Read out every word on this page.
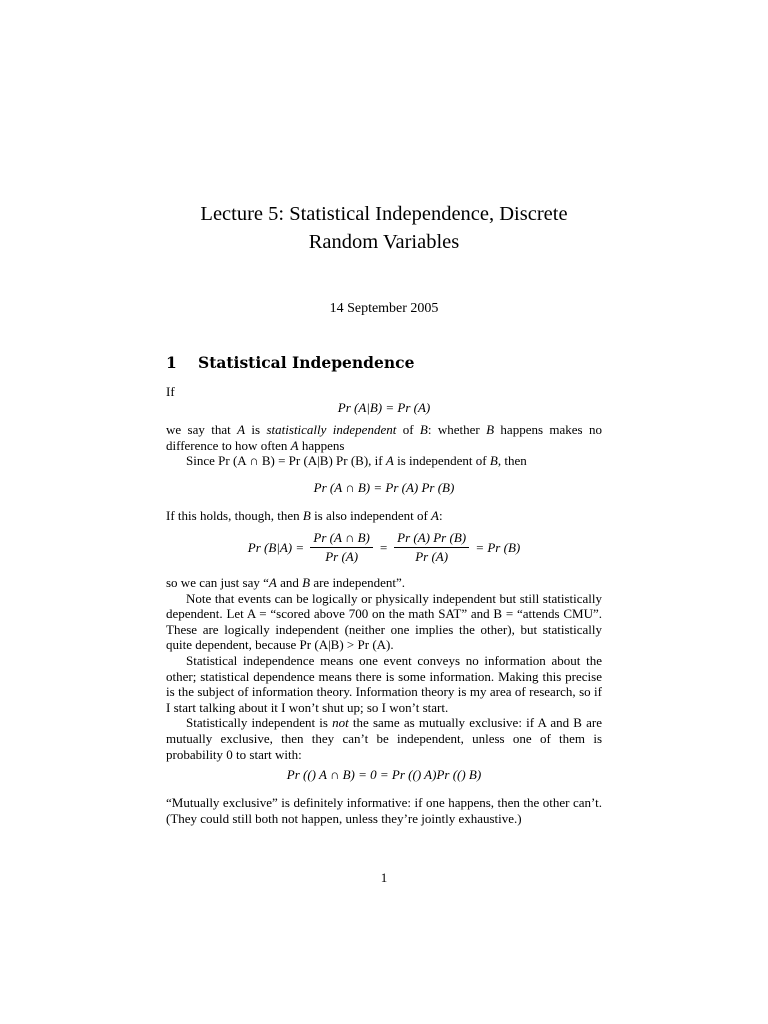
Lecture 5: Statistical Independence, Discrete
Random Variables
14 September 2005
1 Statistical Independence

If

Pr (A|B) = Pr (A)

we say that A is statistically independent of B: whether B happens makes no difference to how often A happens

Since Pr (A ∩ B) = Pr (A|B) Pr (B), if A is independent of B, then

Pr (A ∩ B) = Pr (A) Pr (B)

If this holds, though, then B is also independent of A:

Pr $(B|A) = \frac{Pr (A \cap B)}{Pr (A)} = \frac{Pr (A) Pr (B)}{Pr (A)} = Pr$ (B)

so we can just say “A and B are independent”.

Note that events can be logically or physically independent but still statistically dependent. Let A = “scored above 700 on the math SAT” and B = “attends CMU”. These are logically independent (neither one implies the other), but statistically quite dependent, because Pr (A|B) > Pr (A).

Statistical independence means one event conveys no information about the other; statistical dependence means there is some information. Making this precise is the subject of information theory. Information theory is my area of research, so if I start talking about it I won’t shut up; so I won’t start.

Statistically independent is not the same as mutually exclusive: if A and B are mutually exclusive, then they can’t be independent, unless one of them is probability 0 to start with:

Pr (() A ∩ B) = 0 = Pr (() A)Pr (() B)

“Mutually exclusive” is definitely informative: if one happens, then the other can’t. (They could still both not happen, unless they’re jointly exhaustive.)

1
